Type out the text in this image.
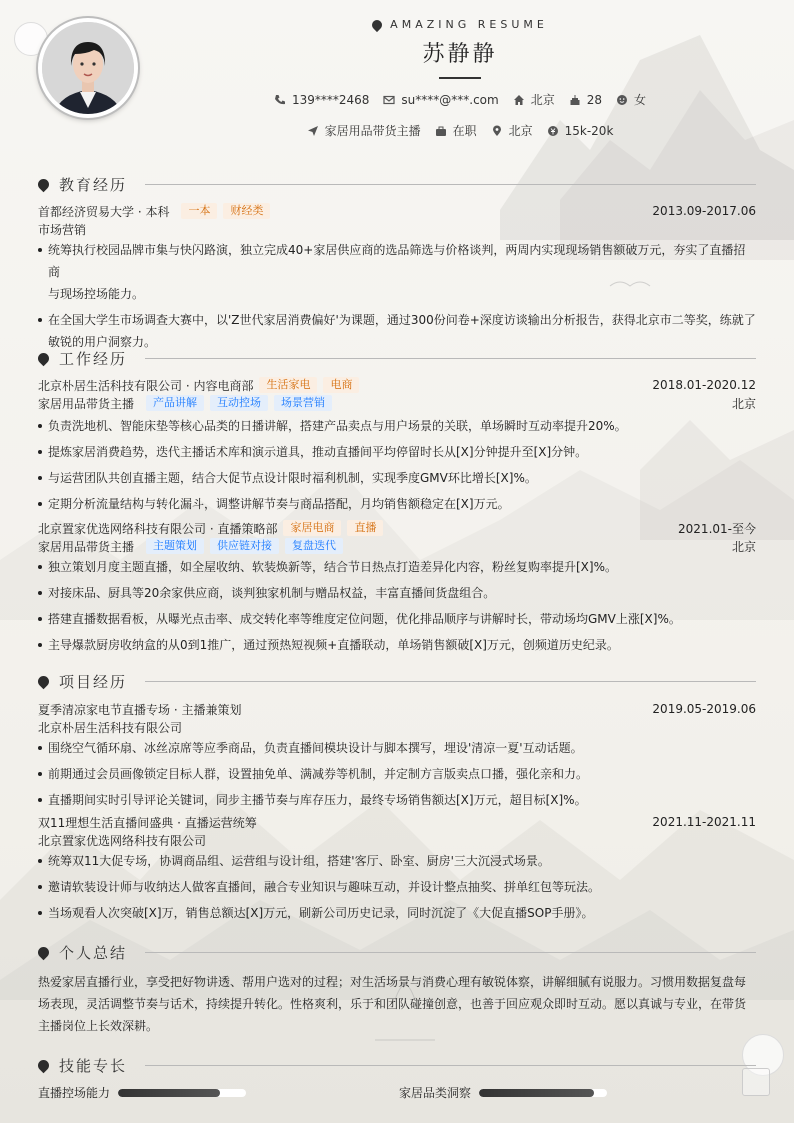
AMAZING RESUME
苏静静
139****2468	su****@***.com	北京	28	女
家居用品带货主播	在职	北京	15k-20k
教育经历
首都经济贸易大学 · 本科	一本	财经类	2013.09-2017.06
市场营销
统筹执行校园品牌市集与快闪路演，独立完成40+家居供应商的选品筛选与价格谈判，两周内实现现场销售额破万元，夯实了直播招商
与现场控场能力。
在全国大学生市场调查大赛中，以'Z世代家居消费偏好'为课题，通过300份问卷+深度访谈输出分析报告，获得北京市二等奖，练就了
敏锐的用户洞察力。
工作经历
北京朴居生活科技有限公司 · 内容电商部	生活家电	电商	2018.01-2020.12
家居用品带货主播	产品讲解	互动控场	场景营销	北京
负责洗地机、智能床垫等核心品类的日播讲解，搭建产品卖点与用户场景的关联，单场瞬时互动率提升20%。
提炼家居消费趋势，迭代主播话术库和演示道具，推动直播间平均停留时长从[X]分钟提升至[X]分钟。
与运营团队共创直播主题，结合大促节点设计限时福利机制，实现季度GMV环比增长[X]%。
定期分析流量结构与转化漏斗，调整讲解节奏与商品搭配，月均销售额稳定在[X]万元。
北京置家优选网络科技有限公司 · 直播策略部	家居电商	直播	2021.01-至今
家居用品带货主播	主题策划	供应链对接	复盘迭代	北京
独立策划月度主题直播，如全屋收纳、软装焕新等，结合节日热点打造差异化内容，粉丝复购率提升[X]%。
对接床品、厨具等20余家供应商，谈判独家机制与赠品权益，丰富直播间货盘组合。
搭建直播数据看板，从曝光点击率、成交转化率等维度定位问题，优化排品顺序与讲解时长，带动场均GMV上涨[X]%。
主导爆款厨房收纳盒的从0到1推广，通过预热短视频+直播联动，单场销售额破[X]万元，创频道历史纪录。
项目经历
夏季清凉家电节直播专场 · 主播兼策划	2019.05-2019.06
北京朴居生活科技有限公司
围绕空气循环扇、冰丝凉席等应季商品，负责直播间模块设计与脚本撰写，埋设'清凉一夏'互动话题。
前期通过会员画像锁定目标人群，设置抽免单、满减券等机制，并定制方言版卖点口播，强化亲和力。
直播期间实时引导评论关键词，同步主播节奏与库存压力，最终专场销售额达[X]万元，超目标[X]%。
双11理想生活直播间盛典 · 直播运营统筹	2021.11-2021.11
北京置家优选网络科技有限公司
统筹双11大促专场，协调商品组、运营组与设计组，搭建'客厅、卧室、厨房'三大沉浸式场景。
邀请软装设计师与收纳达人做客直播间，融合专业知识与趣味互动，并设计整点抽奖、拼单红包等玩法。
当场观看人次突破[X]万，销售总额达[X]万元，刷新公司历史记录，同时沉淀了《大促直播SOP手册》。
个人总结
热爱家居直播行业，享受把好物讲透、帮用户选对的过程；对生活场景与消费心理有敏锐体察，讲解细腻有说服力。习惯用数据复盘每
场表现，灵活调整节奏与话术，持续提升转化。性格爽利，乐于和团队碰撞创意，也善于回应观众即时互动。愿以真诚与专业，在带货
主播岗位上长效深耕。
技能专长
直播控场能力	家居品类洞察
